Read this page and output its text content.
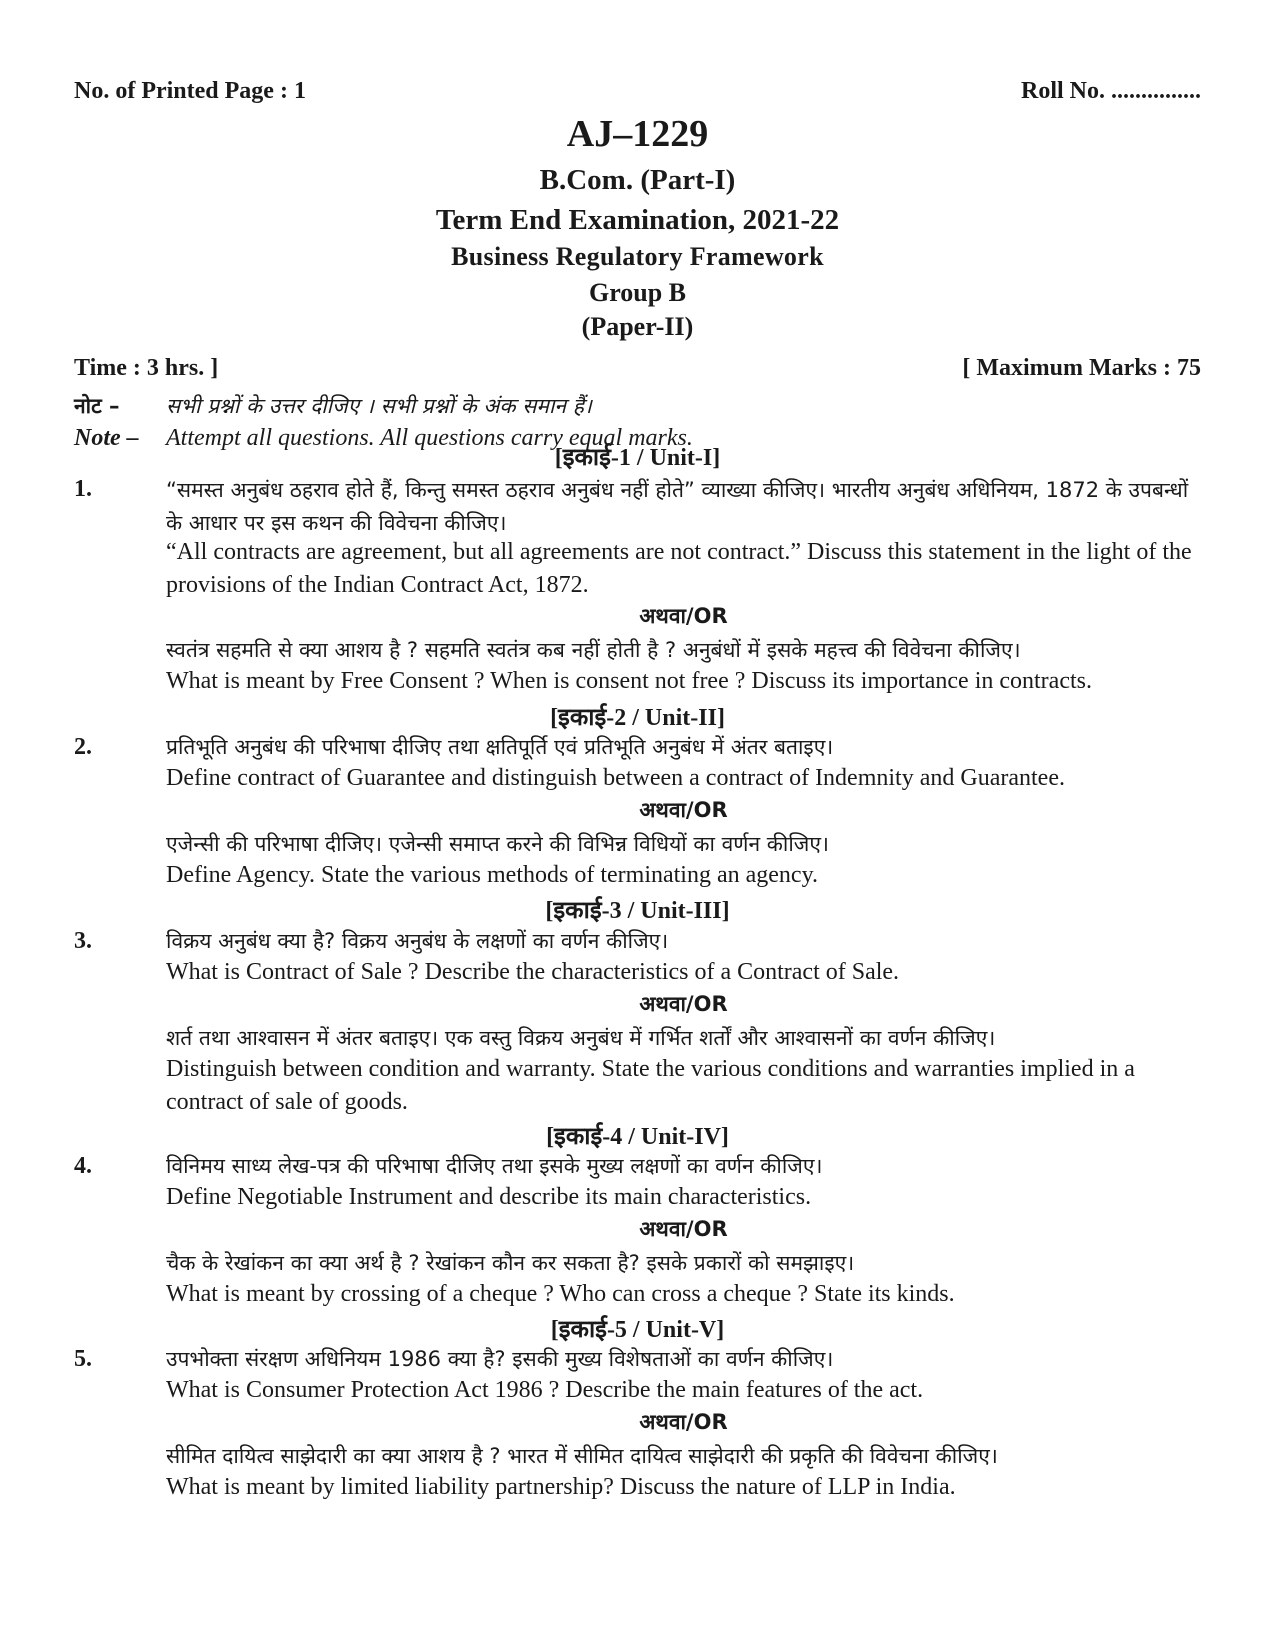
No. of Printed Page : 1	Roll No. ...............
AJ–1229
B.Com. (Part-I)
Term End Examination, 2021-22
Business Regulatory Framework
Group B
(Paper-II)
Time : 3 hrs. ]	[ Maximum Marks : 75
नोट –	सभी प्रश्नों के उत्तर दीजिए । सभी प्रश्नों के अंक समान हैं।
Note –	Attempt all questions. All questions carry equal marks.
[इकाई-1 / Unit-I]
1.	“समस्त अनुबंध ठहराव होते हैं, किन्तु समस्त ठहराव अनुबंध नहीं होते” व्याख्या कीजिए। भारतीय अनुबंध अधिनियम, 1872 के उपबन्धों के आधार पर इस कथन की विवेचना कीजिए।
“All contracts are agreement, but all agreements are not contract.” Discuss this statement in the light of the provisions of the Indian Contract Act, 1872.
अथवा/OR
स्वतंत्र सहमति से क्या आशय है ? सहमति स्वतंत्र कब नहीं होती है ? अनुबंधों में इसके महत्त्व की विवेचना कीजिए।
What is meant by Free Consent ? When is consent not free ? Discuss its importance in contracts.
[इकाई-2 / Unit-II]
2.	प्रतिभूति अनुबंध की परिभाषा दीजिए तथा क्षतिपूर्ति एवं प्रतिभूति अनुबंध में अंतर बताइए।
Define contract of Guarantee and distinguish between a contract of Indemnity and Guarantee.
अथवा/OR
एजेन्सी की परिभाषा दीजिए। एजेन्सी समाप्त करने की विभिन्न विधियों का वर्णन कीजिए।
Define Agency. State the various methods of terminating an agency.
[इकाई-3 / Unit-III]
3.	विक्रय अनुबंध क्या है? विक्रय अनुबंध के लक्षणों का वर्णन कीजिए।
What is Contract of Sale ? Describe the characteristics of a Contract of Sale.
अथवा/OR
शर्त तथा आश्वासन में अंतर बताइए। एक वस्तु विक्रय अनुबंध में गर्भित शर्तों और आश्वासनों का वर्णन कीजिए।
Distinguish between condition and warranty. State the various conditions and warranties implied in a contract of sale of goods.
[इकाई-4 / Unit-IV]
4.	विनिमय साध्य लेख-पत्र की परिभाषा दीजिए तथा इसके मुख्य लक्षणों का वर्णन कीजिए।
Define Negotiable Instrument and describe its main characteristics.
अथवा/OR
चैक के रेखांकन का क्या अर्थ है ? रेखांकन कौन कर सकता है? इसके प्रकारों को समझाइए।
What is meant by crossing of a cheque ? Who can cross a cheque ? State its kinds.
[इकाई-5 / Unit-V]
5.	उपभोक्ता संरक्षण अधिनियम 1986 क्या है? इसकी मुख्य विशेषताओं का वर्णन कीजिए।
What is Consumer Protection Act 1986 ? Describe the main features of the act.
अथवा/OR
सीमित दायित्व साझेदारी का क्या आशय है ? भारत में सीमित दायित्व साझेदारी की प्रकृति की विवेचना कीजिए।
What is meant by limited liability partnership? Discuss the nature of LLP in India.
